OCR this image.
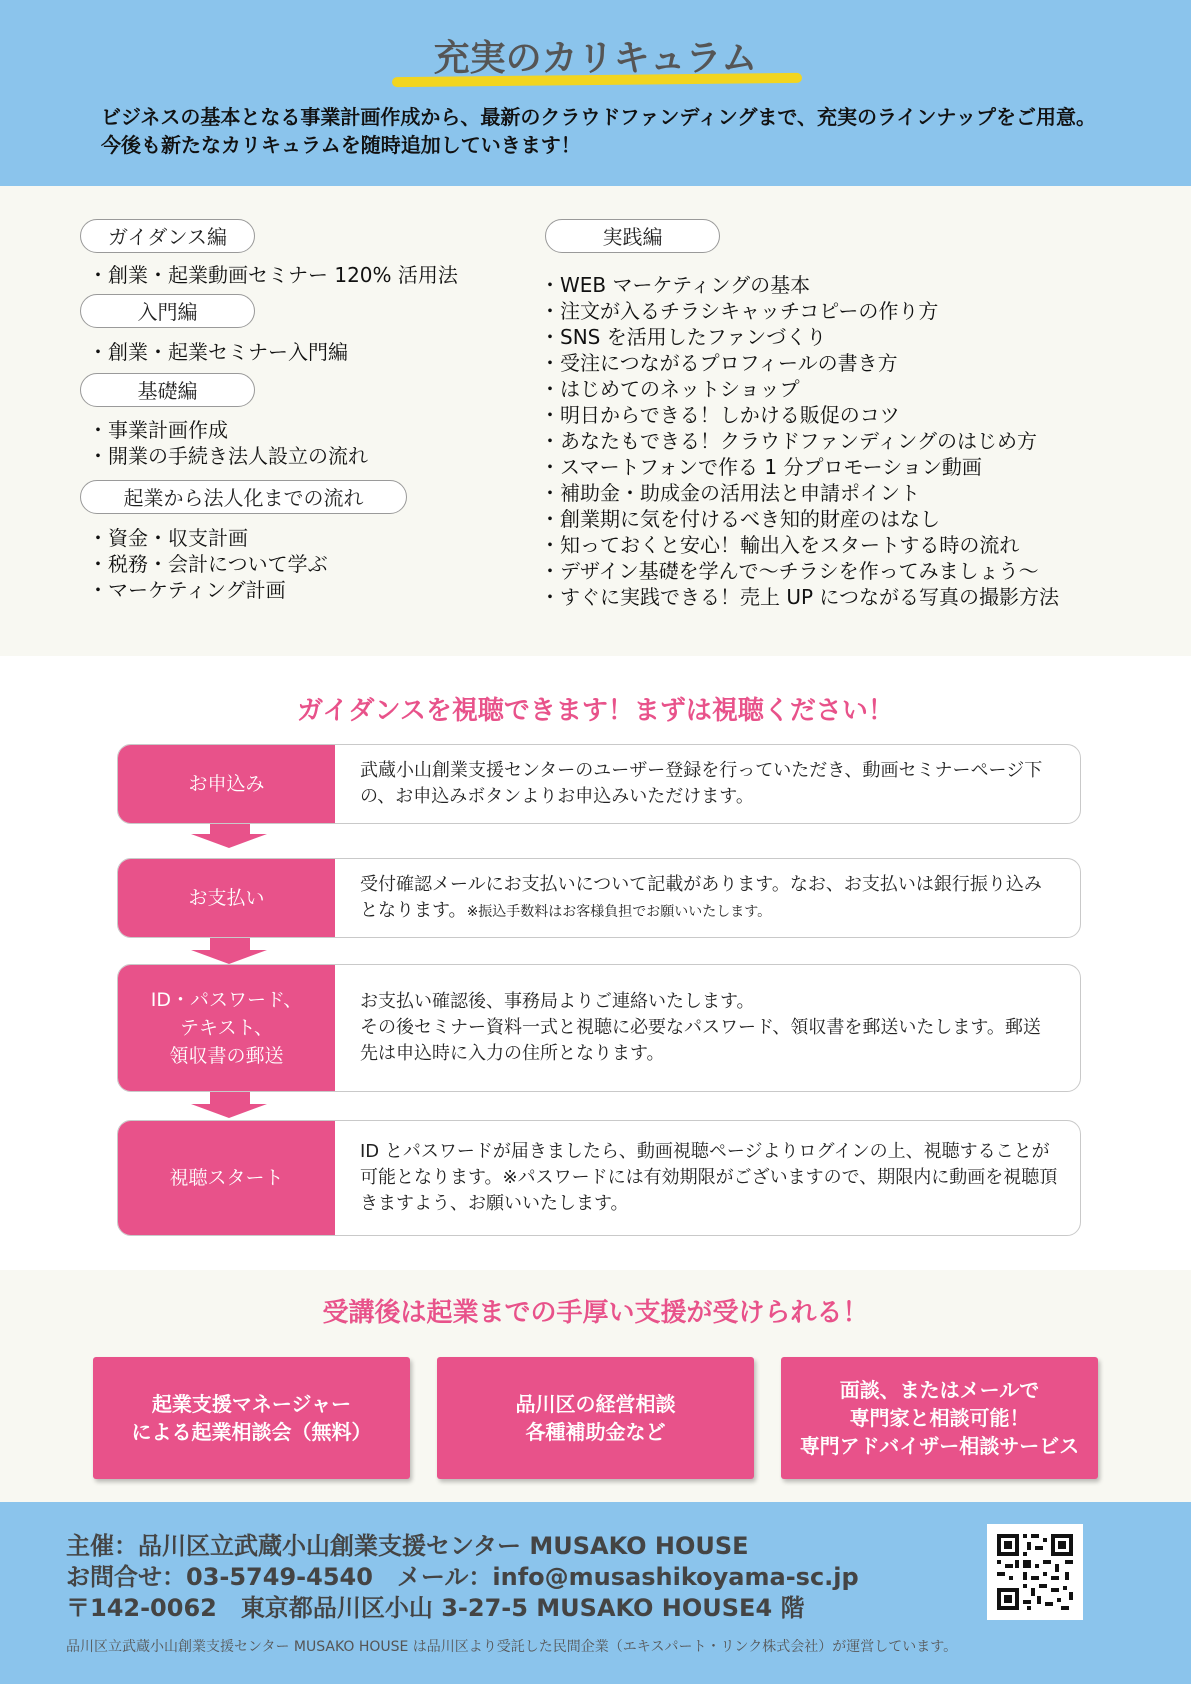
充実のカリキュラム
ビジネスの基本となる事業計画作成から、最新のクラウドファンディングまで、充実のラインナップをご用意。今後も新たなカリキュラムを随時追加していきます！
ガイダンス編
・ 創業・起業動画セミナー 120% 活用法
入門編
・ 創業・起業セミナー入門編
基礎編
・ 事業計画作成
・ 開業の手続き法人設立の流れ
起業から法人化までの流れ
・ 資金・収支計画
・ 税務・会計について学ぶ
・ マーケティング計画
実践編
・ WEB マーケティングの基本
・ 注文が入るチラシキャッチコピーの作り方
・ SNS を活用したファンづくり
・ 受注につながるプロフィールの書き方
・ はじめてのネットショップ
・ 明日からできる！しかける販促のコツ
・ あなたもできる！クラウドファンディングのはじめ方
・ スマートフォンで作る 1 分プロモーション動画
・ 補助金・助成金の活用法と申請ポイント
・ 創業期に気を付けるべき知的財産のはなし
・ 知っておくと安心！輸出入をスタートする時の流れ
・ デザイン基礎を学んで〜チラシを作ってみましょう〜
・ すぐに実践できる！売上 UP につながる写真の撮影方法
ガイダンスを視聴できます！まずは視聴ください！
お申込み
武蔵小山創業支援センターのユーザー登録を行っていただき、動画セミナーページ下の、お申込みボタンよりお申込みいただけます。
お支払い
受付確認メールにお支払いについて記載があります。なお、お支払いは銀行振り込みとなります。※振込手数料はお客様負担でお願いいたします。
ID・パスワード、
テキスト、
領収書の郵送
お支払い確認後、事務局よりご連絡いたします。
その後セミナー資料一式と視聴に必要なパスワード、領収書を郵送いたします。郵送先は申込時に入力の住所となります。
視聴スタート
ID とパスワードが届きましたら、動画視聴ページよりログインの上、視聴することが可能となります。※パスワードには有効期限がございますので、期限内に動画を視聴頂きますよう、お願いいたします。
受講後は起業までの手厚い支援が受けられる！
起業支援マネージャー
による起業相談会（無料）
品川区の経営相談
各種補助金など
面談、またはメールで
専門家と相談可能！
専門アドバイザー相談サービス
主催：品川区立武蔵小山創業支援センター MUSAKO HOUSE
お問合せ：03-5749-4540　メール：info@musashikoyama-sc.jp
〒142-0062　東京都品川区小山 3-27-5 MUSAKO HOUSE4 階
品川区立武蔵小山創業支援センター MUSAKO HOUSE は品川区より受託した民間企業（エキスパート・リンク株式会社）が運営しています。
